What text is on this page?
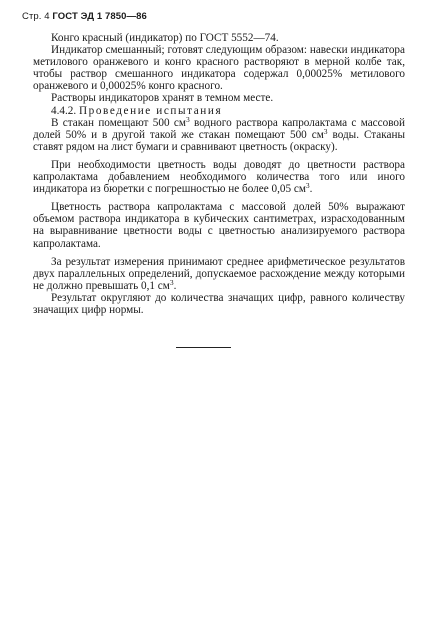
Стр. 4 ГОСТ ЭД 1 7850—86

Конго красный (индикатор) по ГОСТ 5552—74.

Индикатор смешанный; готовят следующим образом: навески индикатора метилового оранжевого и конго красного растворяют в мерной колбе так, чтобы раствор смешанного индикатора содержал 0,00025% метилового оранжевого и 0,00025% конго красного.

Растворы индикаторов хранят в темном месте.

4.4.2. Проведение испытания

В стакан помещают 500 $см^3$ водного раствора капролактама с массовой долей 50% и в другой такой же стакан помещают 500 $см^3$ воды. Стаканы ставят рядом на лист бумаги и сравнивают цветность (окраску).

При необходимости цветность воды доводят до цветности раствора капролактама добавлением необходимого количества того или иного индикатора из бюретки с погрешностью не более 0,05 $см^3$.

Цветность раствора капролактама с массовой долей 50% выражают объемом раствора индикатора в кубических сантиметрах, израсходованным на выравнивание цветности воды с цветностью анализируемого раствора капролактама.

За результат измерения принимают среднее арифметическое результатов двух параллельных определений, допускаемое расхождение между которыми не должно превышать 0,1 $см^3$.

Результат округляют до количества значащих цифр, равного количеству значащих цифр нормы.
